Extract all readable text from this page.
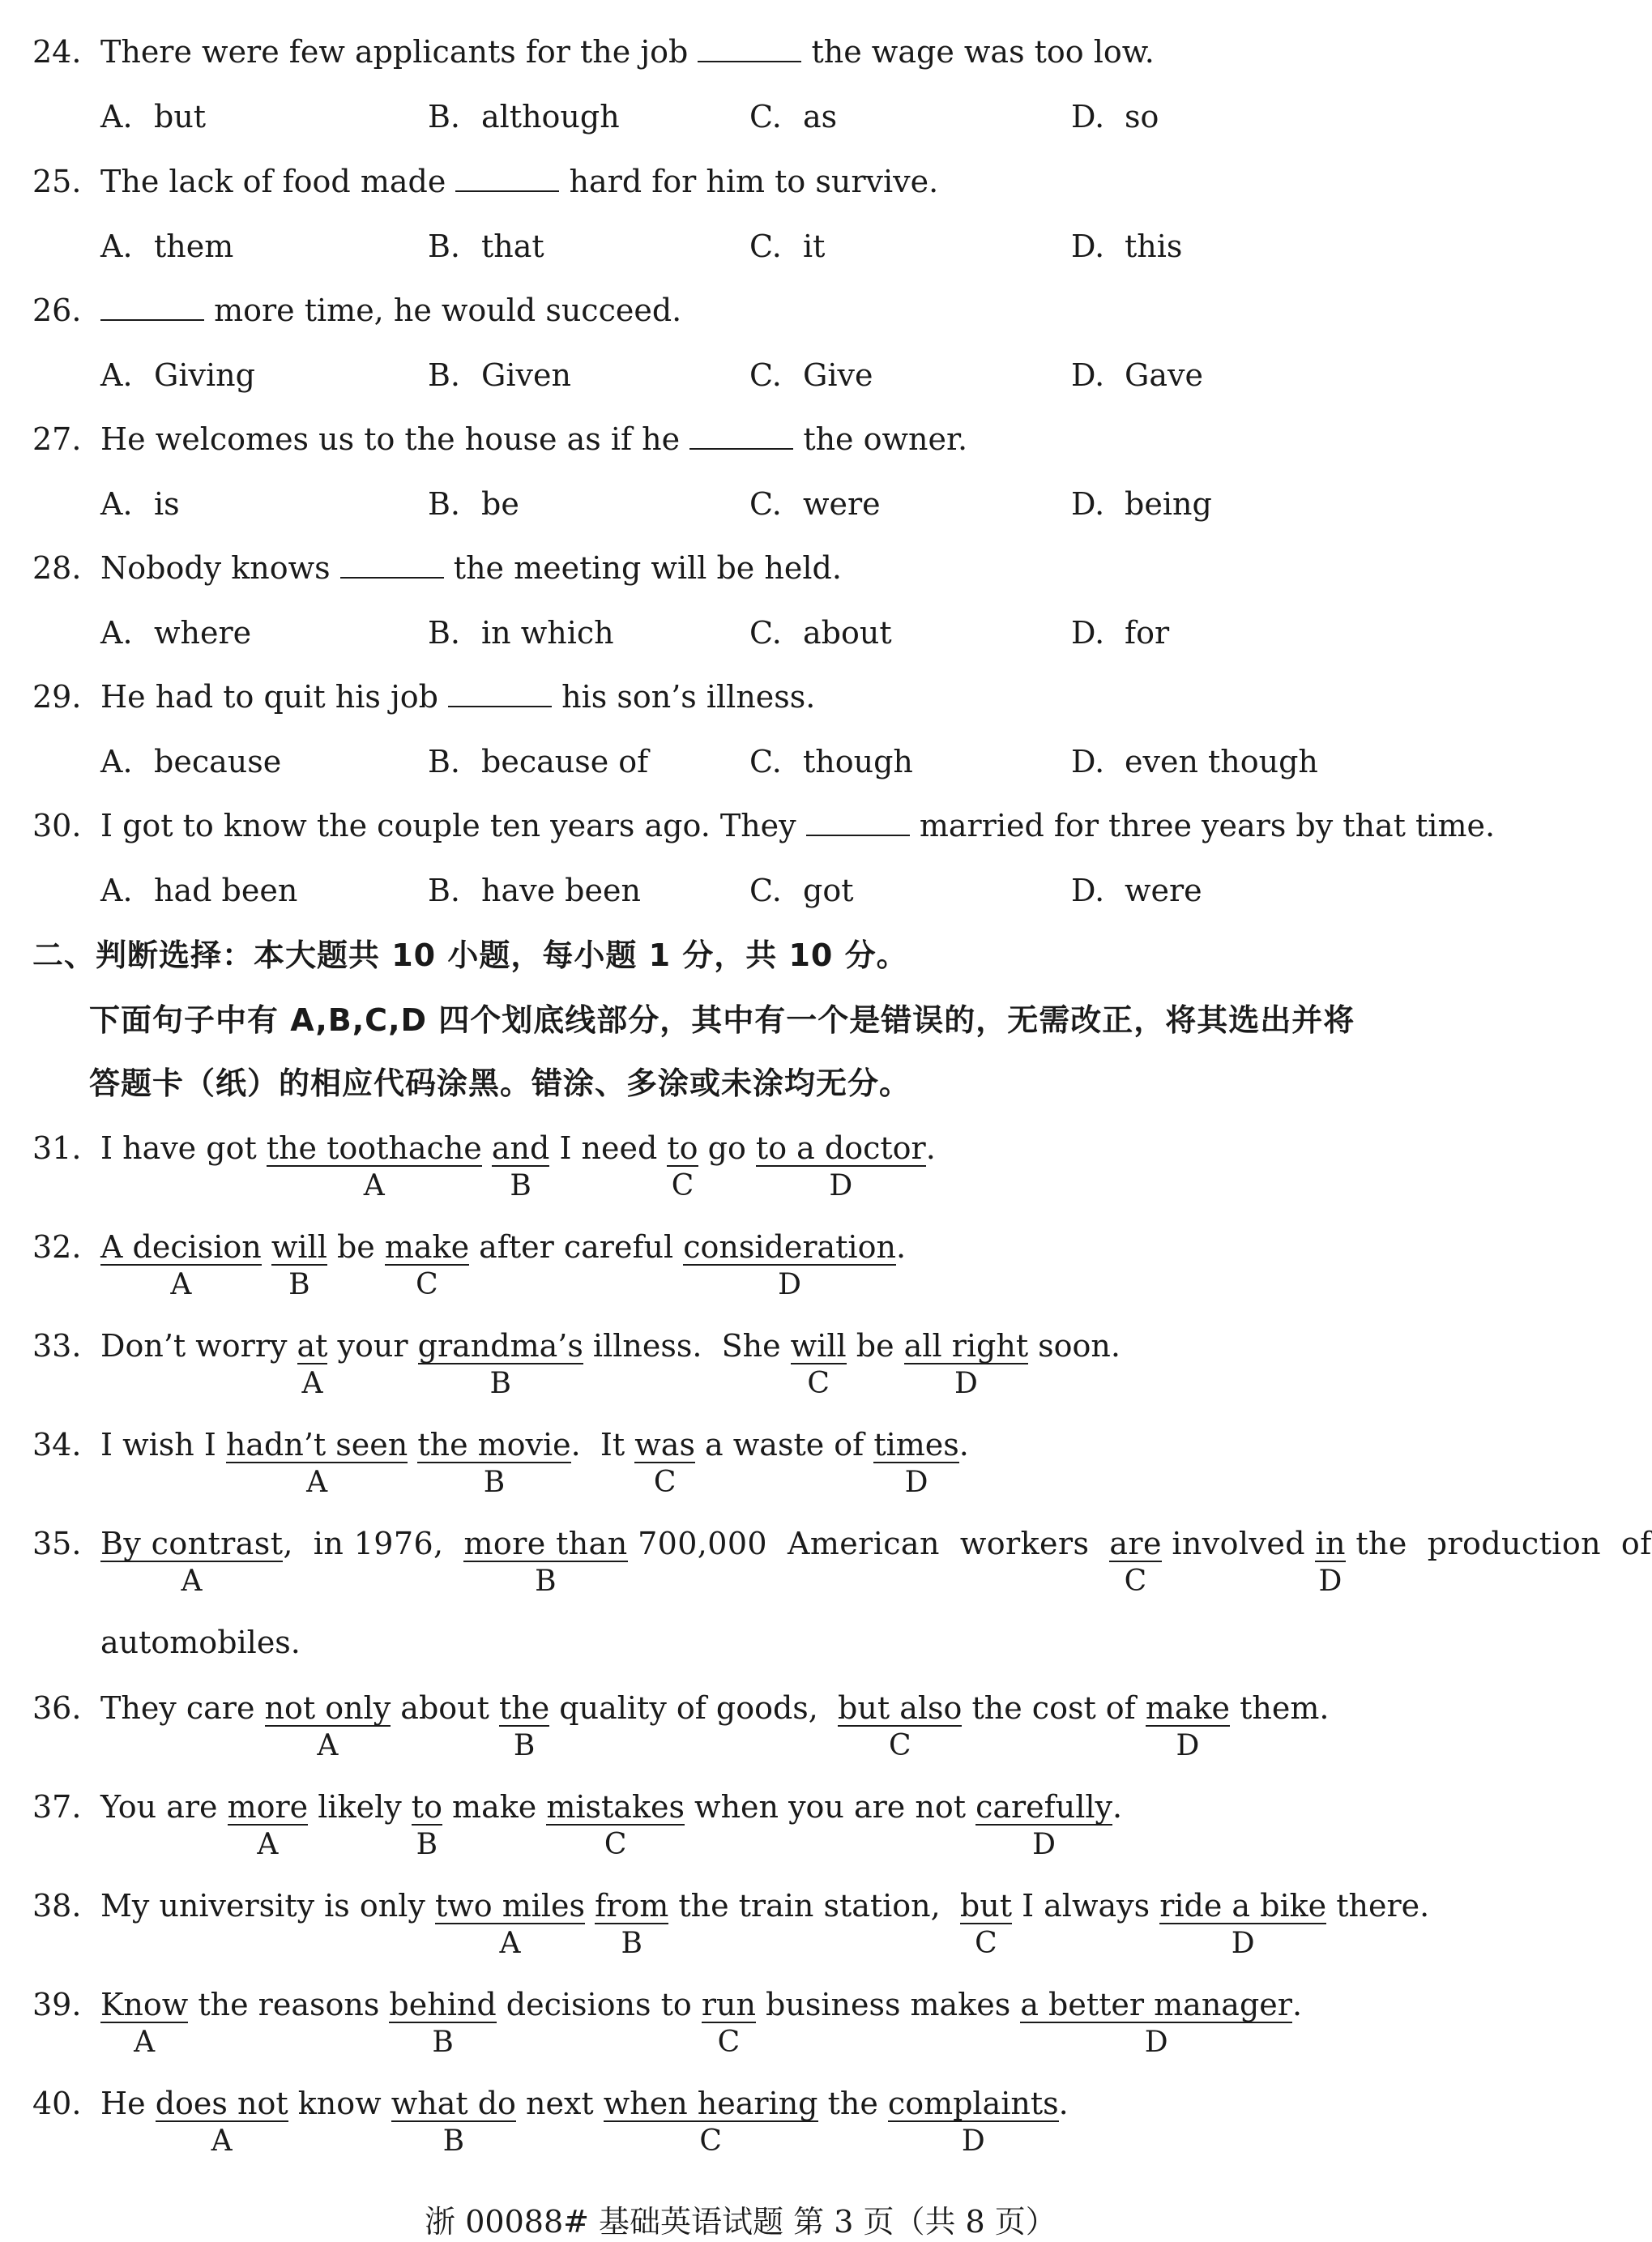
24. There were few applicants for the job	the wage was too low.
A. but	B. although	C. as	D. so
25. The lack of food made	hard for him to survive.
A. them	B. that	C. it	D. this
26.	more time, he would succeed.
A. Giving	B. Given	C. Give	D. Gave
27. He welcomes us to the house as if he	the owner.
A. is	B. be	C. were	D. being
28. Nobody knows	the meeting will be held.
A. where	B. in which	C. about	D. for
29. He had to quit his job	his son’s illness.
A. because	B. because of	C. though	D. even though
30. I got to know the couple ten years ago. They	married for three years by that time.
A. had been	B. have been	C. got	D. were
二、判断选择：本大题共 10 小题，每小题 1 分，共 10 分。
下面句子中有 A,B,C,D 四个划底线部分，其中有一个是错误的，无需改正，将其选出并将
答题卡（纸）的相应代码涂黑。错涂、多涂或未涂均无分。
31. I have got the toothache
A
and
B
I need to
C
go to a doctor
D
.
32. A decision
A
will
B
be make
C
after careful consideration
D
.
33. Don’t worry at
A
your grandma’s
B
illness.  She will
C
be all right
D
soon.
34. I wish I hadn’t seen
A
the movie
B
.  It was
C
a waste of times
D
.
35. By contrast
A
,  in 1976,  more than
B
700,000  American  workers  are
C
involved in
D
the  production  of
automobiles.
36. They care not only
A
about the
B
quality of goods,  but also
C
the cost of make
D
them.
37. You are more
A
likely to
B
make mistakes
C
when you are not carefully
D
.
38. My university is only two miles
A
from
B
the train station,  but
C
I always ride a bike
D
there.
39. Know
A
the reasons behind
B
decisions to run
C
business makes a better manager
D
.
40. He does not
A
know what do
B
next when hearing
C
the complaints
D
.
浙 00088# 基础英语试题 第 3 页（共 8 页）
